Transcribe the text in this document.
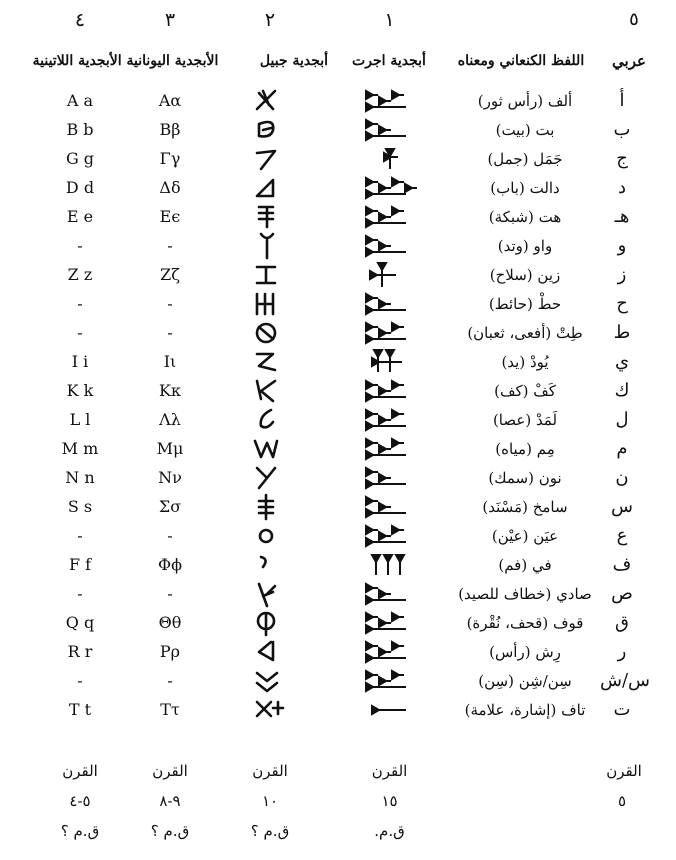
٤	٣	٢	١	٥
الأبجدية اليونانية الأبجدية اللاتينية	أبجدية جبيل	أبجدية اجرت	اللفظ الكنعاني ومعناه	عربي
A a	Αα	ألف (رأس ثور)	أ
B b	Ββ	بت (بيت)	ب
G g	Γγ	جَمَل (جمل)	ج
D d	Δδ	دالت (باب)	د
E e	Εϵ	هت (شبكة)	هـ
-	-	واو (وتد)	و
Z z	Ζζ	زين (سلاح)	ز
-	-	حطْ (حائط)	ح
-	-	طِتْ (أفعى، ثعبان)	ط
I i	Ιι	يُودْ (يد)	ي
K k	Κκ	كَفْ (كف)	ك
L l	Λλ	لَمَدْ (عصا)	ل
M m	Μμ	مِم (مياه)	م
N n	Νν	نون (سمك)	ن
S s	Σσ	سامخ (مَسْنَد)	س
-	-	عيَن (عيْن)	ع
F f	Φϕ	في (فم)	ف
-	-	صادي (خطاف للصيد)	ص
Q q	Θθ	قوف (قحف، نُقْرة)	ق
R r	Ρρ	رِش (رأس)	ر
-	-	سِن/شِن (سِن)	س/ش
T t	Ττ	تاف (إشارة، علامة)	ت
القرن	القرن	القرن	القرن	القرن
٥-٤	٩-٨	١٠	١٥	٥
ق.م ؟	ق.م ؟	ق.م ؟	ق.م.
